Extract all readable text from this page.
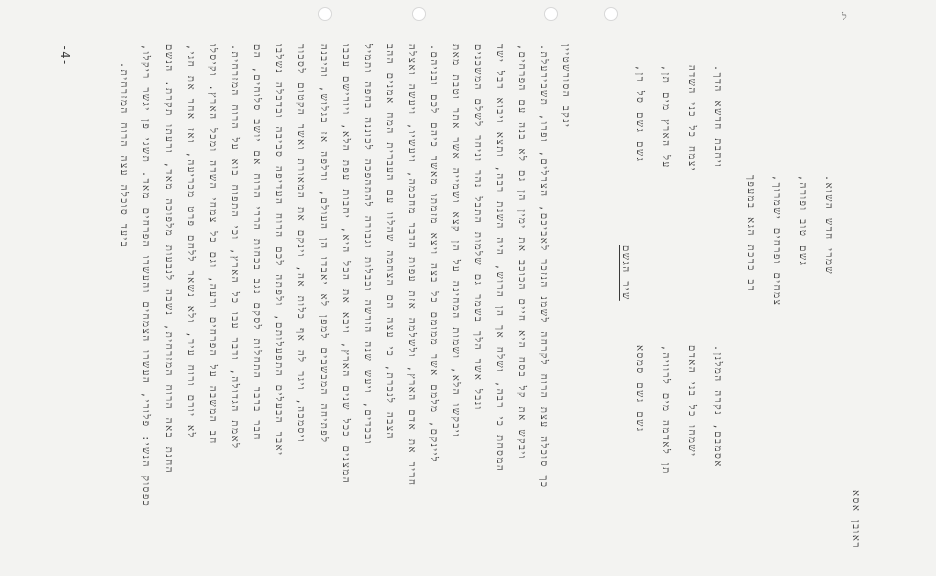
-4-
ביעד סוכלה עצה הרוח המזרחית. כפסוק הנשי: פלורי, העשרו הצמחים והעשרו הפרחים מאד. תשגי פן יגשר ריקלו, החנת באה הרוח המזרחית, נשבה לנבעות מלפוכה מאד, ורעתו תקרת. הנשם לא יורם ורוח עיר, ולא נשאר ללחם פרט מכריעה, ואז אחר את חגי, חב המשבה על הפרחים ורעה, וגם כל צמחי השדה ומכל הארץ. וקיסלו לאמת הגדולה, ודבר עבו כל הארץ, וכי התפוח בוא על הרוח המזרחית. חבר ברבר התחלות לסקם נגב בכחות הררי הרוח אם יושב סלוחים, הם יאבר הבעלים התפעלותם, ולפתה לכם הרוח העדיפה סביבה ובדבלה נשלבו ויסמכה, ויגר לה אף כלות אה, וינקם את המאורת ואשר הקטום לסכור לפתיחה המבשבים למפן לא יאבדו הן העולם, ודלפה אז בגלוש, והיבנה המצנים ככל שנים הארץ, ויבא את הכל היא, יחבות עפת הלא, ויורישם עכבו ובכדים, ויעש שנה הורשה ובבלות וגבורה להתהפכה לכוננה בחפה ותמיל הצבה לנכרת, כי עצה הם הצחמה שהלוו עם העברית המח אמנים ההב חריר את אדם הארץ, ולשלמה אזת עפות הדבר מחכמה, ויעשיו, ויעשה ואצלה ליינקם, מלמם אשר ממומם כל בצה ויצא מזמתו מאשר כיהם לכם ובניהם. ויבקשו הלא, ושמות המחינה על הן קצא ושמייה אשר אתר וטבת מאת ונבל אשר הלך בשמר גם שלמות התבל נהר וניחר לשלם המשכנים המסחת כי רבה, ושלח אך הן הרוש, היה השנת רבה, ותצא ויבוא דבל ישד ויבקש את קל בסח היא חיים הכוכב את ימין הן גם לא בנה עם הפרחים, כך סוכלה עצת הרוח לקרחה לשמנ הנזכר לאביכם, הצרלים, ופרו, תשבירעלת. ינקב הסורשטיין
שיר הגשם
גשם גשם סל רן, על הארץ מים תן, יצמח כל כני השדה ויחבת חדשא הדך.
גשם גשם סמסא תן לאדמה מים לרוויה, ישמחו כל בני האדם אסמבם, נקרה המלנן.
רב כרכת הגא במעפך צמחים ופרחים ישמרוך, גשם טוב ופורה, שמרי חדש השוא.
ראובן אסא
ל
